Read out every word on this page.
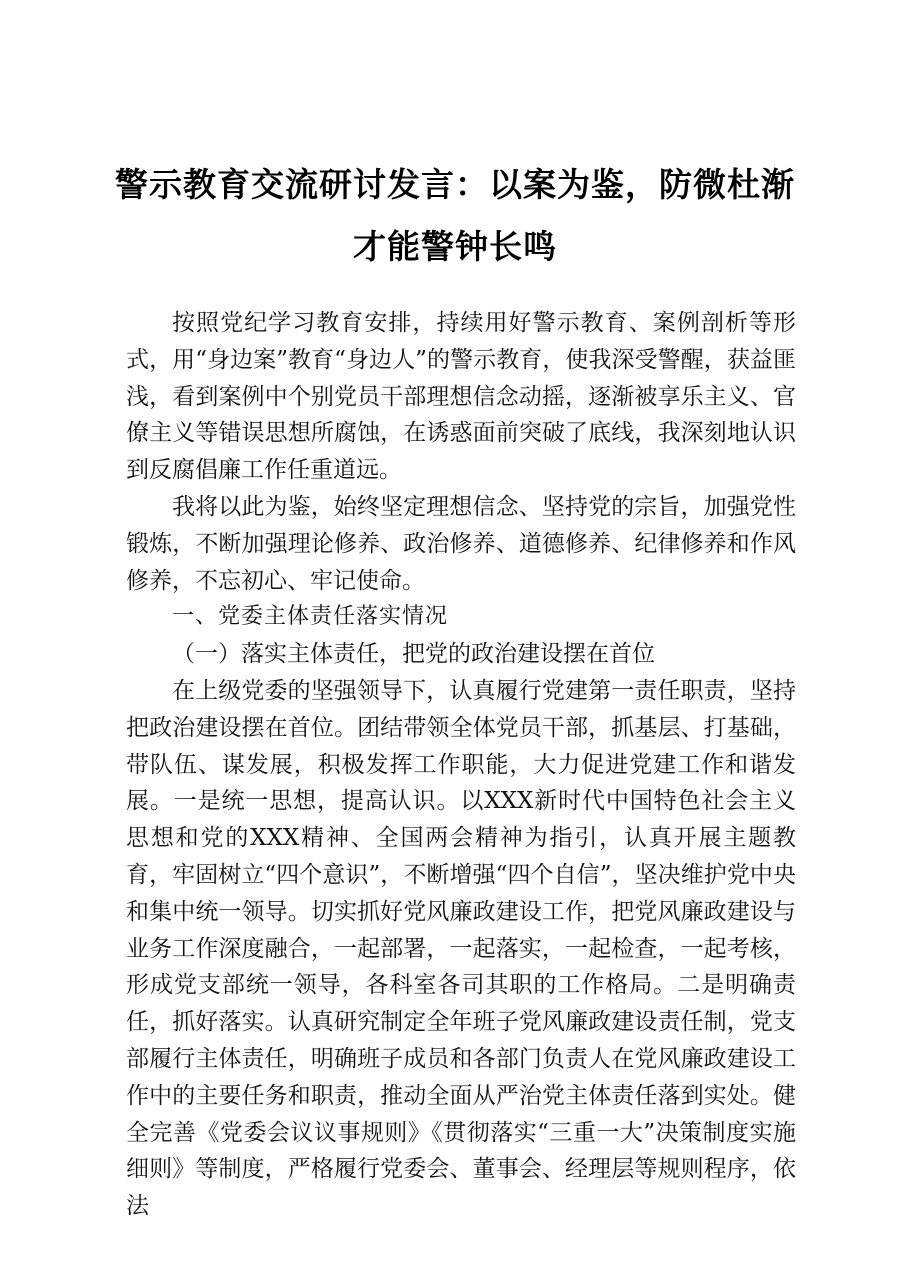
警示教育交流研讨发言：以案为鉴，防微杜渐
才能警钟长鸣

按照党纪学习教育安排，持续用好警示教育、案例剖析等形式，用“身边案”教育“身边人”的警示教育，使我深受警醒，获益匪浅，看到案例中个别党员干部理想信念动摇，逐渐被享乐主义、官僚主义等错误思想所腐蚀，在诱惑面前突破了底线，我深刻地认识到反腐倡廉工作任重道远。

我将以此为鉴，始终坚定理想信念、坚持党的宗旨，加强党性锻炼，不断加强理论修养、政治修养、道德修养、纪律修养和作风修养，不忘初心、牢记使命。

一、党委主体责任落实情况

（一）落实主体责任，把党的政治建设摆在首位

在上级党委的坚强领导下，认真履行党建第一责任职责，坚持把政治建设摆在首位。团结带领全体党员干部，抓基层、打基础，带队伍、谋发展，积极发挥工作职能，大力促进党建工作和谐发展。一是统一思想，提高认识。以XXX新时代中国特色社会主义思想和党的XXX精神、全国两会精神为指引，认真开展主题教育，牢固树立“四个意识”，不断增强“四个自信”，坚决维护党中央和集中统一领导。切实抓好党风廉政建设工作，把党风廉政建设与业务工作深度融合，一起部署，一起落实，一起检查，一起考核，形成党支部统一领导，各科室各司其职的工作格局。二是明确责任，抓好落实。认真研究制定全年班子党风廉政建设责任制，党支部履行主体责任，明确班子成员和各部门负责人在党风廉政建设工作中的主要任务和职责，推动全面从严治党主体责任落到实处。健全完善《党委会议议事规则》《贯彻落实“三重一大”决策制度实施细则》等制度，严格履行党委会、董事会、经理层等规则程序，依法
